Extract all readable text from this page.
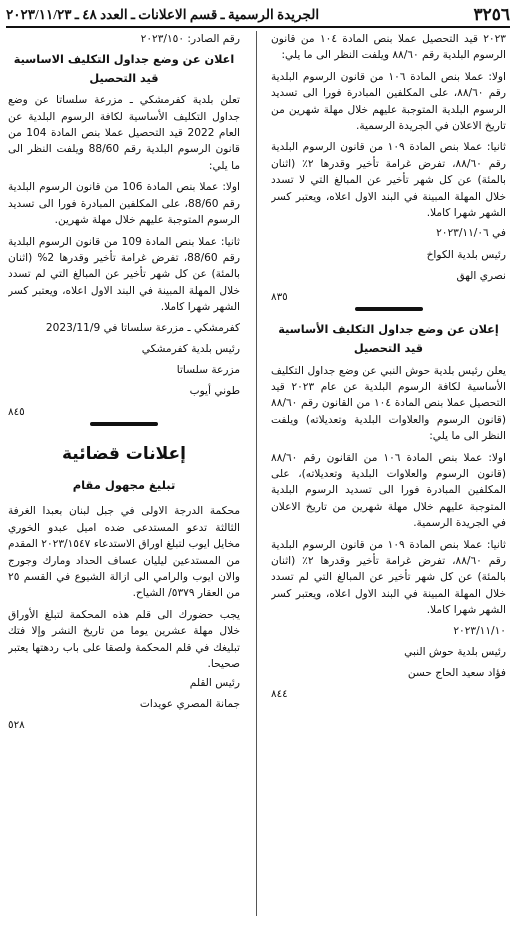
٣٢٥٦
الجريدة الرسمية ـ قسم الاعلانات ـ العدد ٤٨ ـ ٢٠٢٣/١١/٢٣

٢٠٢٣ قيد التحصيل عملا بنص المادة ١٠٤ من قانون الرسوم البلدية رقم ٨٨/٦٠ ويلفت النظر الى ما يلي:

اولا: عملا بنص المادة ١٠٦ من قانون الرسوم البلدية رقم ٨٨/٦٠، على المكلفين المبادرة فورا الى تسديد الرسوم البلدية المتوجبة عليهم خلال مهلة شهرين من تاريخ الاعلان في الجريدة الرسمية.

ثانيا: عملا بنص المادة ١٠٩ من قانون الرسوم البلدية رقم ٨٨/٦٠، تفرض غرامة تأخير وقدرها ٢٪ (اثنان بالمئة) عن كل شهر تأخير عن المبالغ التي لا تسدد خلال المهلة المبينة في البند الاول اعلاه، ويعتبر كسر الشهر شهرا كاملا.

في ٢٠٢٣/١١/٠٦
رئيس بلدية الكواخ
نصري الهق
٨٣٥
إعلان عن وضع جداول التكليف الأساسية قيد التحصيل

يعلن رئيس بلدية حوش النبي عن وضع جداول التكليف الأساسية لكافة الرسوم البلدية عن عام ٢٠٢٣ قيد التحصيل عملا بنص المادة ١٠٤ من القانون رقم ٨٨/٦٠ (قانون الرسوم والعلاوات البلدية وتعديلاته) ويلفت النظر الى ما يلي:

اولا: عملا بنص المادة ١٠٦ من القانون رقم ٨٨/٦٠ (قانون الرسوم والعلاوات البلدية وتعديلاته)، على المكلفين المبادرة فورا الى تسديد الرسوم البلدية المتوجبة عليهم خلال مهلة شهرين من تاريخ الاعلان في الجريدة الرسمية.

ثانيا: عملا بنص المادة ١٠٩ من قانون الرسوم البلدية رقم ٨٨/٦٠، تفرض غرامة تأخير وقدرها ٢٪ (اثنان بالمئة) عن كل شهر تأخير عن المبالغ التي لم تسدد خلال المهلة المبينة في البند الاول اعلاه، ويعتبر كسر الشهر شهرا كاملا.

٢٠٢٣/١١/١٠
رئيس بلدية حوش النبي
فؤاد سعيد الحاج حسن
٨٤٤
رقم الصادر: ٢٠٢٣/١٥٠
اعلان عن وضع جداول التكليف الاساسية قيد التحصيل

تعلن بلدية كفرمشكي ـ مزرعة سلساتا عن وضع جداول التكليف الأساسية لكافة الرسوم البلدية عن العام 2022 قيد التحصيل عملا بنص المادة 104 من قانون الرسوم البلدية رقم 88/60 ويلفت النظر الى ما يلي:

اولا: عملا بنص المادة 106 من قانون الرسوم البلدية رقم 88/60، على المكلفين المبادرة فورا الى تسديد الرسوم المتوجبة عليهم خلال مهلة شهرين.

ثانيا: عملا بنص المادة 109 من قانون الرسوم البلدية رقم 88/60، تفرض غرامة تأخير وقدرها 2% (اثنان بالمئة) عن كل شهر تأخير عن المبالغ التي لم تسدد خلال المهلة المبينة في البند الاول اعلاه، ويعتبر كسر الشهر شهرا كاملا.

كفرمشكي ـ مزرعة سلساتا في 2023/11/9
رئيس بلدية كفرمشكي
مزرعة سلساتا
طوني أيوب
٨٤٥
إعلانات قضائية
تبليغ مجهول مقام

محكمة الدرجة الاولى في جبل لبنان بعبدا الغرفة الثالثة تدعو المستدعى ضده اميل عبدو الخوري مخايل ايوب لتبلغ اوراق الاستدعاء ٢٠٢٣/١٥٤٧ المقدم من المستدعين ليليان عساف الحداد ومارك وجورج والان ايوب والرامي الى ازالة الشيوع في القسم ٢٥ من العقار ٥٣٧٩/ الشياح.

يجب حضورك الى قلم هذه المحكمة لتبلغ الأوراق خلال مهلة عشرين يوما من تاريخ النشر وإلا فتك تبليغك في قلم المحكمة ولصقا على باب ردهتها يعتبر صحيحا.

رئيس القلم
جمانة المصري عويدات
٥٢٨
